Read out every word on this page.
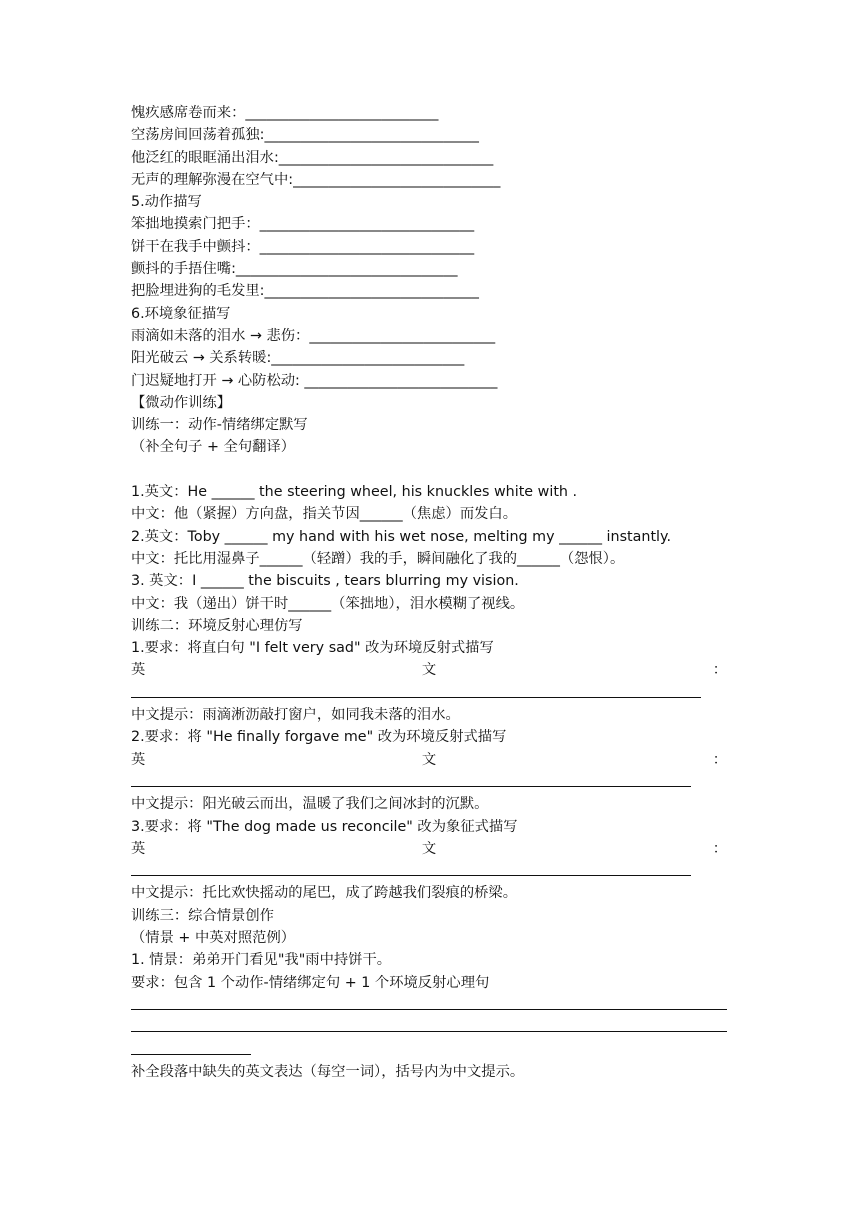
愧疚感席卷而来：___________________________
空荡房间回荡着孤独:______________________________
他泛红的眼眶涌出泪水:______________________________
无声的理解弥漫在空气中:_____________________________
5.动作描写
笨拙地摸索门把手：______________________________
饼干在我手中颤抖：______________________________
颤抖的手捂住嘴:_______________________________
把脸埋进狗的毛发里:______________________________
6.环境象征描写
雨滴如未落的泪水 → 悲伤：__________________________
阳光破云 → 关系转暖:___________________________
门迟疑地打开 → 心防松动: ___________________________
【微动作训练】
训练一：动作-情绪绑定默写
（补全句子 + 全句翻译）
1.英文：He ______ the steering wheel, his knuckles white with .
中文：他（紧握）方向盘，指关节因______（焦虑）而发白。
2.英文：Toby ______ my hand with his wet nose, melting my ______ instantly.
中文：托比用湿鼻子______（轻蹭）我的手，瞬间融化了我的______（怨恨）。
3. 英文：I ______ the biscuits , tears blurring my vision.
中文：我（递出）饼干时______（笨拙地），泪水模糊了视线。
训练二：环境反射心理仿写
1.要求：将直白句 "I felt very sad" 改为环境反射式描写
英	文	：
中文提示：雨滴淅沥敲打窗户，如同我未落的泪水。
2.要求：将 "He finally forgave me" 改为环境反射式描写
英	文	：
中文提示：阳光破云而出，温暖了我们之间冰封的沉默。
3.要求：将 "The dog made us reconcile" 改为象征式描写
英	文	：
中文提示：托比欢快摇动的尾巴，成了跨越我们裂痕的桥梁。
训练三：综合情景创作
（情景 + 中英对照范例）
1. 情景：弟弟开门看见"我"雨中持饼干。
要求：包含 1 个动作-情绪绑定句 + 1 个环境反射心理句
补全段落中缺失的英文表达（每空一词），括号内为中文提示。
